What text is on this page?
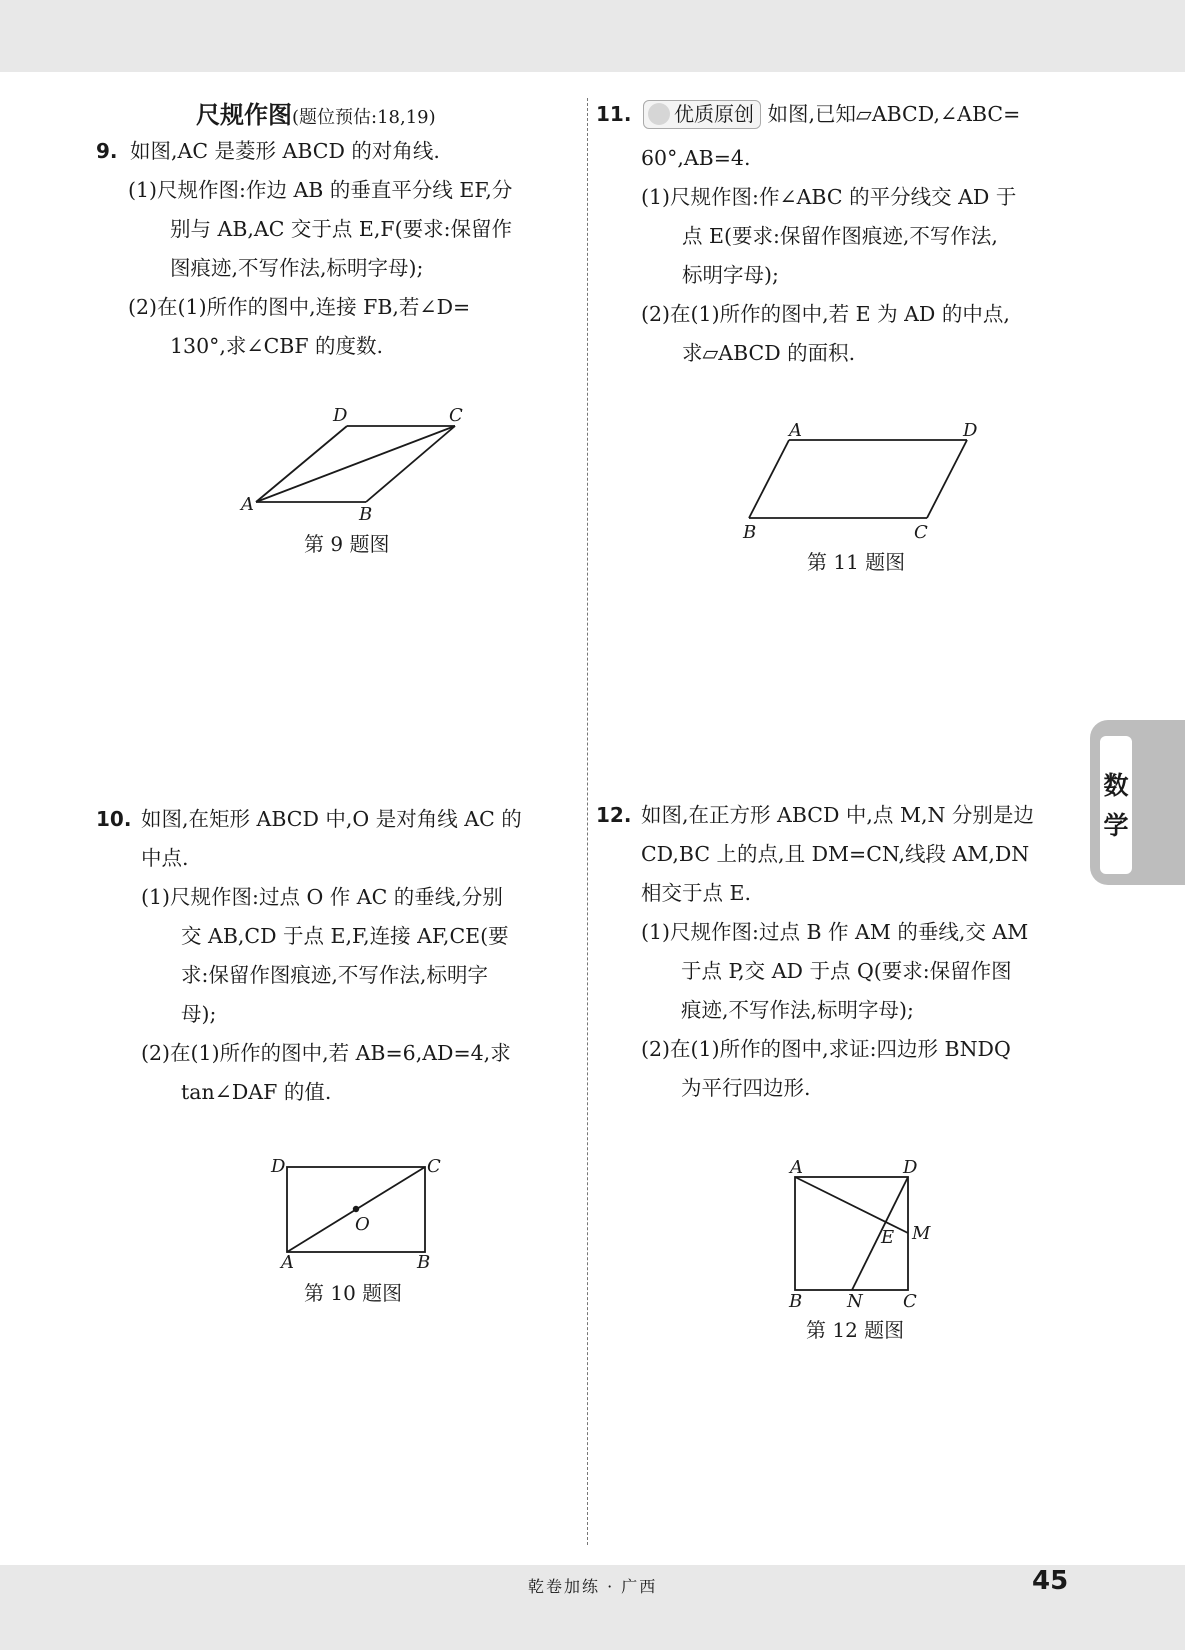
尺规作图(题位预估:18,19)
9. 如图,AC 是菱形 ABCD 的对角线.
(1)尺规作图:作边 AB 的垂直平分线 EF,分
别与 AB,AC 交于点 E,F(要求:保留作
图痕迹,不写作法,标明字母);
(2)在(1)所作的图中,连接 FB,若∠D=
130°,求∠CBF 的度数.
D	C
A	B
第 9 题图
10. 如图,在矩形 ABCD 中,O 是对角线 AC 的
中点.
(1)尺规作图:过点 O 作 AC 的垂线,分别
交 AB,CD 于点 E,F,连接 AF,CE(要
求:保留作图痕迹,不写作法,标明字
母);
(2)在(1)所作的图中,若 AB=6,AD=4,求
tan∠DAF 的值.
D	C
O
A	B
第 10 题图
11.	优质原创 如图,已知▱ABCD,∠ABC=
60°,AB=4.
(1)尺规作图:作∠ABC 的平分线交 AD 于
点 E(要求:保留作图痕迹,不写作法,
标明字母);
(2)在(1)所作的图中,若 E 为 AD 的中点,
求▱ABCD 的面积.
A	D
B	C
第 11 题图
12. 如图,在正方形 ABCD 中,点 M,N 分别是边
CD,BC 上的点,且 DM=CN,线段 AM,DN
相交于点 E.
(1)尺规作图:过点 B 作 AM 的垂线,交 AM
于点 P,交 AD 于点 Q(要求:保留作图
痕迹,不写作法,标明字母);
(2)在(1)所作的图中,求证:四边形 BNDQ
为平行四边形.
A	D
E M
B N C
第 12 题图
数
学
乾卷加练 · 广西	45
